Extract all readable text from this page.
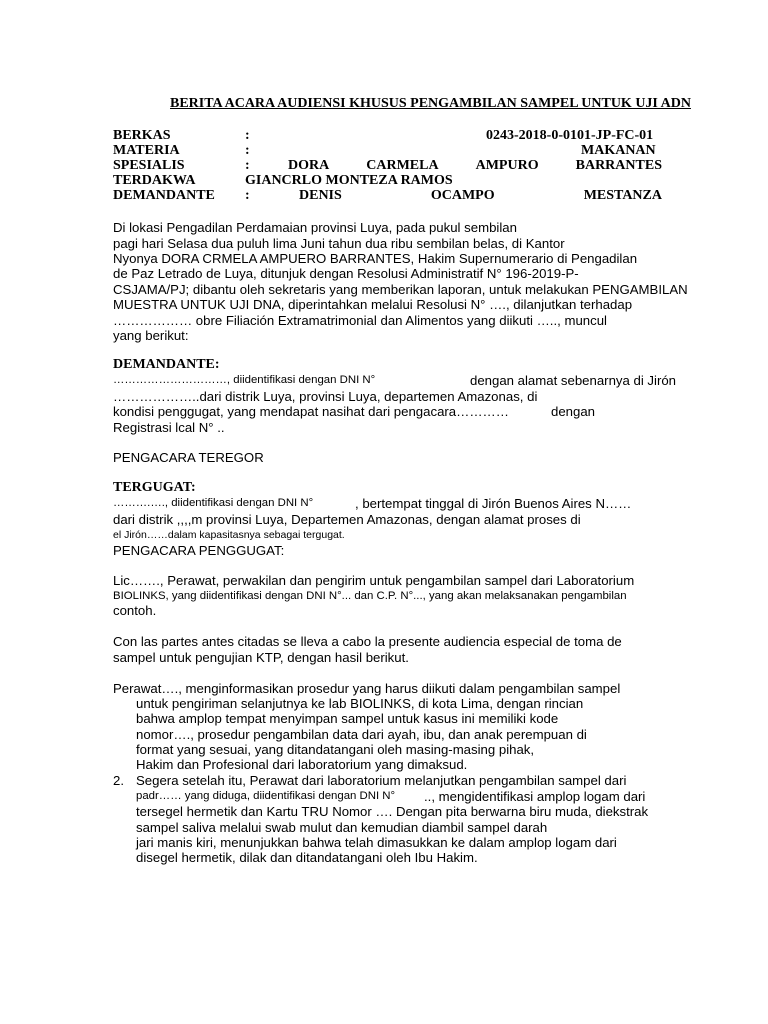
BERITA ACARA AUDIENSI KHUSUS PENGAMBILAN SAMPEL UNTUK UJI ADN
BERKAS	:	0243-2018-0-0101-JP-FC-01
MATERIA	:	MAKANAN
SPESIALIS	:	DORA	CARMELA	AMPURO	BARRANTES
TERDAKWA	GIANCRLO MONTEZA RAMOS
DEMANDANTE :	DENIS	OCAMPO	MESTANZA
Di lokasi Pengadilan Perdamaian provinsi Luya, pada pukul sembilan
pagi hari Selasa dua puluh lima Juni tahun dua ribu sembilan belas, di Kantor
Nyonya DORA CRMELA AMPUERO BARRANTES, Hakim Supernumerario di Pengadilan
de Paz Letrado de Luya, ditunjuk dengan Resolusi Administratif N° 196-2019-P-
CSJAMA/PJ; dibantu oleh sekretaris yang memberikan laporan, untuk melakukan PENGAMBILAN
MUESTRA UNTUK UJI DNA, diperintahkan melalui Resolusi N° …., dilanjutkan terhadap
……………… obre Filiación Extramatrimonial dan Alimentos yang diikuti ….., muncul
yang berikut:
DEMANDANTE:
…………………………, diidentifikasi dengan DNI N°	dengan alamat sebenarnya di Jirón
………………..dari distrik Luya, provinsi Luya, departemen Amazonas, di
kondisi penggugat, yang mendapat nasihat dari pengacara…………	dengan
Registrasi lcal N° ..
PENGACARA TEREGOR
TERGUGAT:
……….…., diidentifikasi dengan DNI N°	, bertempat tinggal di Jirón Buenos Aires N……
dari distrik ,,,,m provinsi Luya, Departemen Amazonas, dengan alamat proses di
el Jirón……dalam kapasitasnya sebagai tergugat.
PENGACARA PENGGUGAT:
Lic……., Perawat, perwakilan dan pengirim untuk pengambilan sampel dari Laboratorium
BIOLINKS, yang diidentifikasi dengan DNI N°... dan C.P. N°..., yang akan melaksanakan pengambilan
contoh.
Con las partes antes citadas se lleva a cabo la presente audiencia especial de toma de
sampel untuk pengujian KTP, dengan hasil berikut.
Perawat…., menginformasikan prosedur yang harus diikuti dalam pengambilan sampel
untuk pengiriman selanjutnya ke lab BIOLINKS, di kota Lima, dengan rincian
bahwa amplop tempat menyimpan sampel untuk kasus ini memiliki kode
nomor…., prosedur pengambilan data dari ayah, ibu, dan anak perempuan di
format yang sesuai, yang ditandatangani oleh masing-masing pihak,
Hakim dan Profesional dari laboratorium yang dimaksud.
2. Segera setelah itu, Perawat dari laboratorium melanjutkan pengambilan sampel dari
padr…… yang diduga, diidentifikasi dengan DNI N° .., mengidentifikasi amplop logam dari
tersegel hermetik dan Kartu TRU Nomor …. Dengan pita berwarna biru muda, diekstrak
sampel saliva melalui swab mulut dan kemudian diambil sampel darah
jari manis kiri, menunjukkan bahwa telah dimasukkan ke dalam amplop logam dari
disegel hermetik, dilak dan ditandatangani oleh Ibu Hakim.
